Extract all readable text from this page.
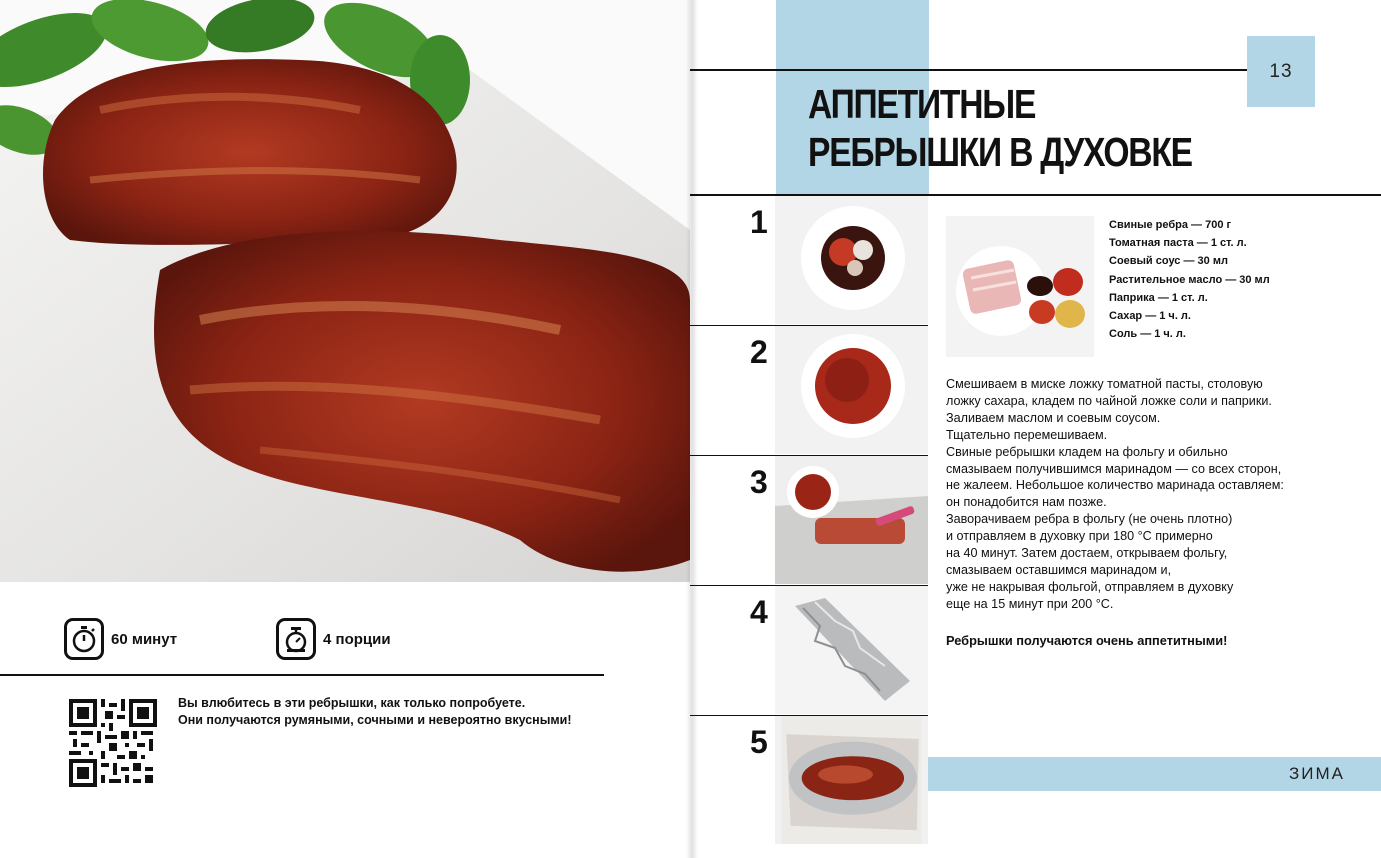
60 минут	4 порции
Вы влюбитесь в эти ребрышки, как только попробуете.
Они получаются румяными, сочными и невероятно вкусными!
13
АППЕТИТНЫЕ
РЕБРЫШКИ В ДУХОВКЕ
1
2
3
4
5
Свиные ребра — 700 г
Томатная паста — 1 ст. л.
Соевый соус — 30 мл
Растительное масло — 30 мл
Паприка — 1 ст. л.
Сахар — 1 ч. л.
Соль — 1 ч. л.
Смешиваем в миске ложку томатной пасты, столовую
ложку сахара, кладем по чайной ложке соли и паприки.
Заливаем маслом и соевым соусом.
Тщательно перемешиваем.
Свиные ребрышки кладем на фольгу и обильно
смазываем получившимся маринадом — со всех сторон,
не жалеем. Небольшое количество маринада оставляем:
он понадобится нам позже.
Заворачиваем ребра в фольгу (не очень плотно)
и отправляем в духовку при 180 °С примерно
на 40 минут. Затем достаем, открываем фольгу,
смазываем оставшимся маринадом и,
уже не накрывая фольгой, отправляем в духовку
еще на 15 минут при 200 °С.
Ребрышки получаются очень аппетитными!
ЗИМА
